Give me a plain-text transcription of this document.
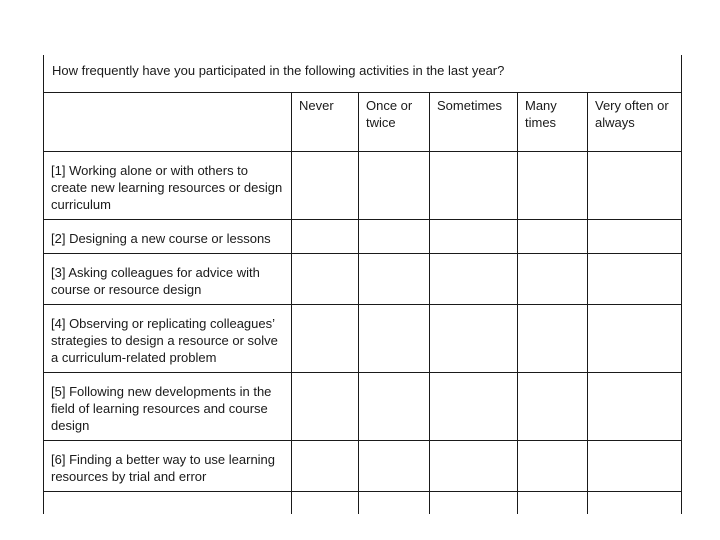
How frequently have you participated in the following activities in the last year?					
	Never	Once or twice	Sometimes	Many times	Very often or always
[1] Working alone or with others to create new learning resources or design curriculum					
[2] Designing a new course or lessons					
[3] Asking colleagues for advice with course or resource design					
[4] Observing or replicating colleagues’ strategies to design a resource or solve a curriculum-related problem					
[5] Following new developments in the field of learning resources and course design					
[6] Finding a better way to use learning resources by trial and error					
